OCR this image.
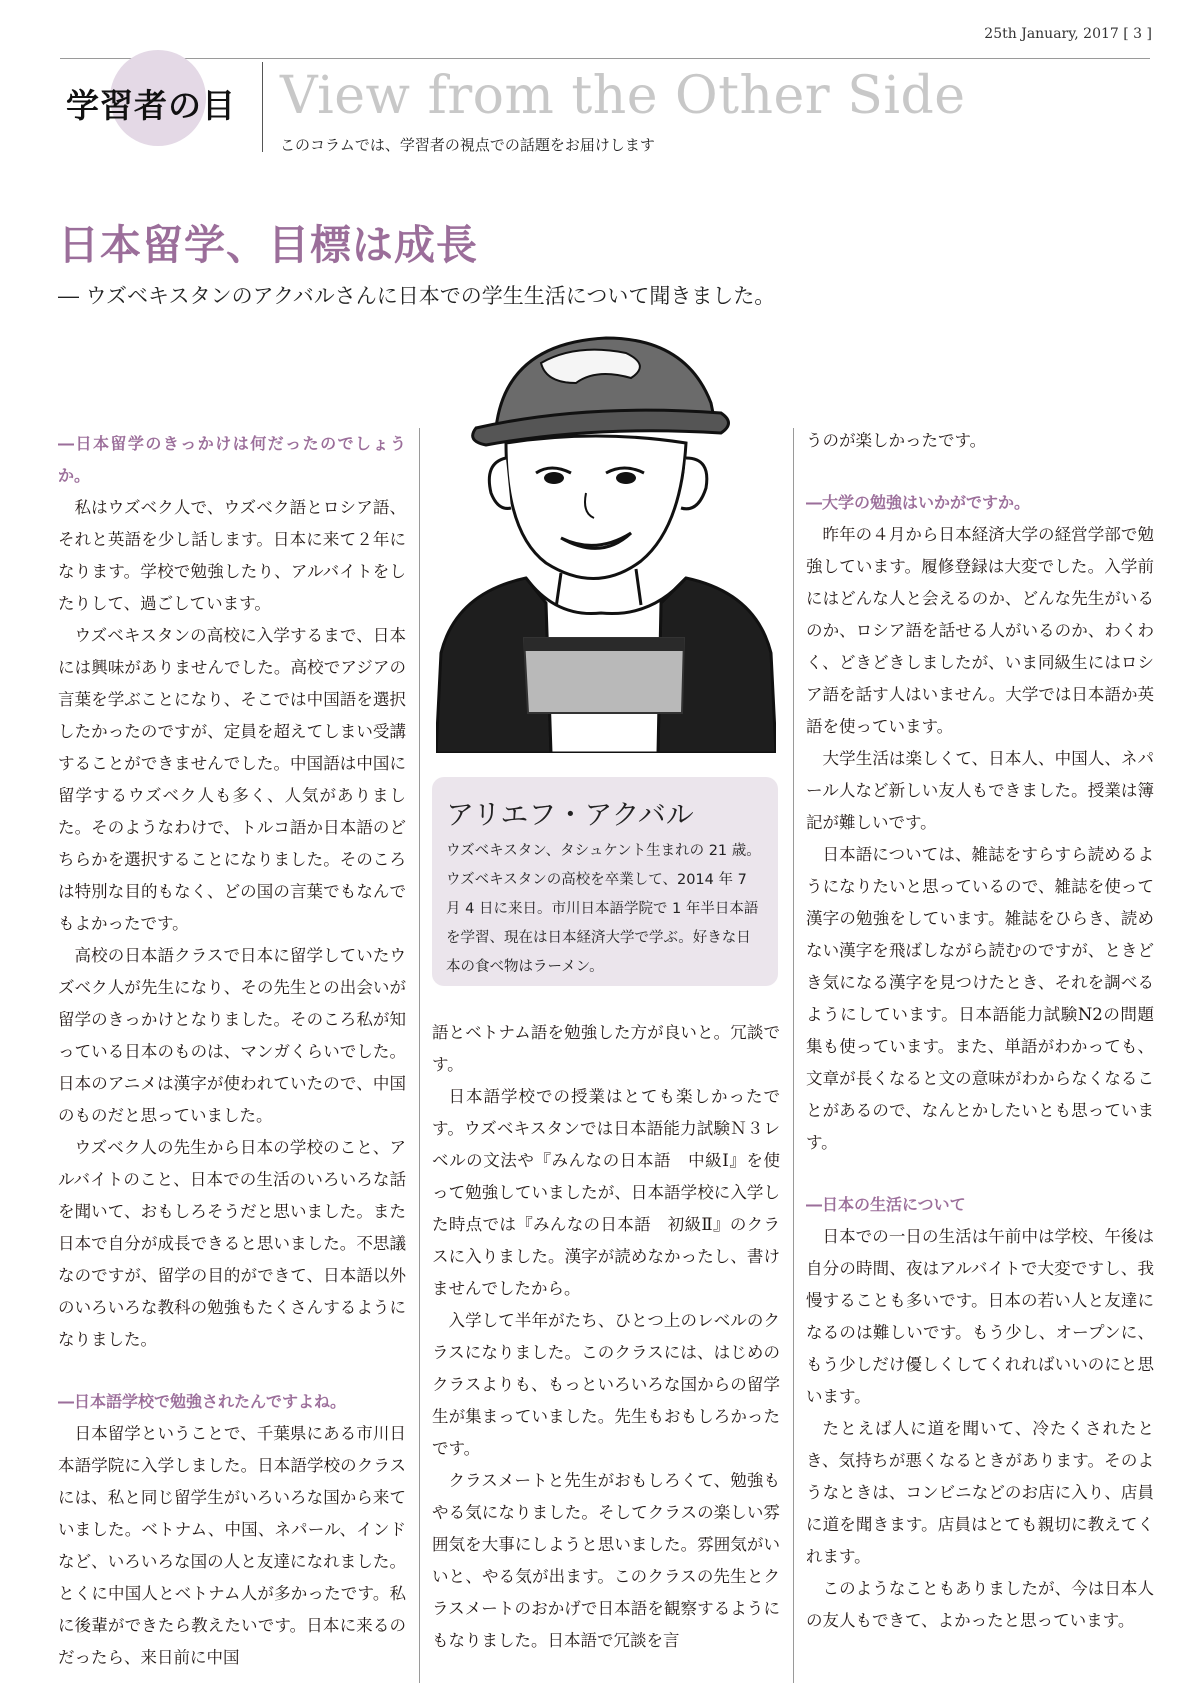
25th January, 2017 [ 3 ]
学習者の目 View from the Other Side
このコラムでは、学習者の視点での話題をお届けします
日本留学、目標は成長
― ウズベキスタンのアクバルさんに日本での学生生活について聞きました。

―日本留学のきっかけは何だったのでしょうか。

私はウズベク人で、ウズベク語とロシア語、それと英語を少し話します。日本に来て２年になります。学校で勉強したり、アルバイトをしたりして、過ごしています。

ウズベキスタンの高校に入学するまで、日本には興味がありませんでした。高校でアジアの言葉を学ぶことになり、そこでは中国語を選択したかったのですが、定員を超えてしまい受講することができませんでした。中国語は中国に留学するウズベク人も多く、人気がありました。そのようなわけで、トルコ語か日本語のどちらかを選択することになりました。そのころは特別な目的もなく、どの国の言葉でもなんでもよかったです。

高校の日本語クラスで日本に留学していたウズベク人が先生になり、その先生との出会いが留学のきっかけとなりました。そのころ私が知っている日本のものは、マンガくらいでした。日本のアニメは漢字が使われていたので、中国のものだと思っていました。

ウズベク人の先生から日本の学校のこと、アルバイトのこと、日本での生活のいろいろな話を聞いて、おもしろそうだと思いました。また日本で自分が成長できると思いました。不思議なのですが、留学の目的ができて、日本語以外のいろいろな教科の勉強もたくさんするようになりました。

―日本語学校で勉強されたんですよね。

日本留学ということで、千葉県にある市川日本語学院に入学しました。日本語学校のクラスには、私と同じ留学生がいろいろな国から来ていました。ベトナム、中国、ネパール、インドなど、いろいろな国の人と友達になれました。とくに中国人とベトナム人が多かったです。私に後輩ができたら教えたいです。日本に来るのだったら、来日前に中国

アリエフ・アクバル
ウズベキスタン、タシュケント生まれの 21 歳。ウズベキスタンの高校を卒業して、2014 年 7 月 4 日に来日。市川日本語学院で 1 年半日本語を学習、現在は日本経済大学で学ぶ。好きな日本の食べ物はラーメン。

語とベトナム語を勉強した方が良いと。冗談です。

日本語学校での授業はとても楽しかったです。ウズベキスタンでは日本語能力試験Ｎ３レベルの文法や『みんなの日本語　中級Ⅰ』を使って勉強していましたが、日本語学校に入学した時点では『みんなの日本語　初級Ⅱ』のクラスに入りました。漢字が読めなかったし、書けませんでしたから。

入学して半年がたち、ひとつ上のレベルのクラスになりました。このクラスには、はじめのクラスよりも、もっといろいろな国からの留学生が集まっていました。先生もおもしろかったです。

クラスメートと先生がおもしろくて、勉強もやる気になりました。そしてクラスの楽しい雰囲気を大事にしようと思いました。雰囲気がいいと、やる気が出ます。このクラスの先生とクラスメートのおかげで日本語を観察するようにもなりました。日本語で冗談を言

うのが楽しかったです。

―大学の勉強はいかがですか。

昨年の４月から日本経済大学の経営学部で勉強しています。履修登録は大変でした。入学前にはどんな人と会えるのか、どんな先生がいるのか、ロシア語を話せる人がいるのか、わくわく、どきどきしましたが、いま同級生にはロシア語を話す人はいません。大学では日本語か英語を使っています。

大学生活は楽しくて、日本人、中国人、ネパール人など新しい友人もできました。授業は簿記が難しいです。

日本語については、雑誌をすらすら読めるようになりたいと思っているので、雑誌を使って漢字の勉強をしています。雑誌をひらき、読めない漢字を飛ばしながら読むのですが、ときどき気になる漢字を見つけたとき、それを調べるようにしています。日本語能力試験N2の問題集も使っています。また、単語がわかっても、文章が長くなると文の意味がわからなくなることがあるので、なんとかしたいとも思っています。

―日本の生活について

日本での一日の生活は午前中は学校、午後は自分の時間、夜はアルバイトで大変ですし、我慢することも多いです。日本の若い人と友達になるのは難しいです。もう少し、オープンに、もう少しだけ優しくしてくれればいいのにと思います。

たとえば人に道を聞いて、冷たくされたとき、気持ちが悪くなるときがあります。そのようなときは、コンビニなどのお店に入り、店員に道を聞きます。店員はとても親切に教えてくれます。

このようなこともありましたが、今は日本人の友人もできて、よかったと思っています。
